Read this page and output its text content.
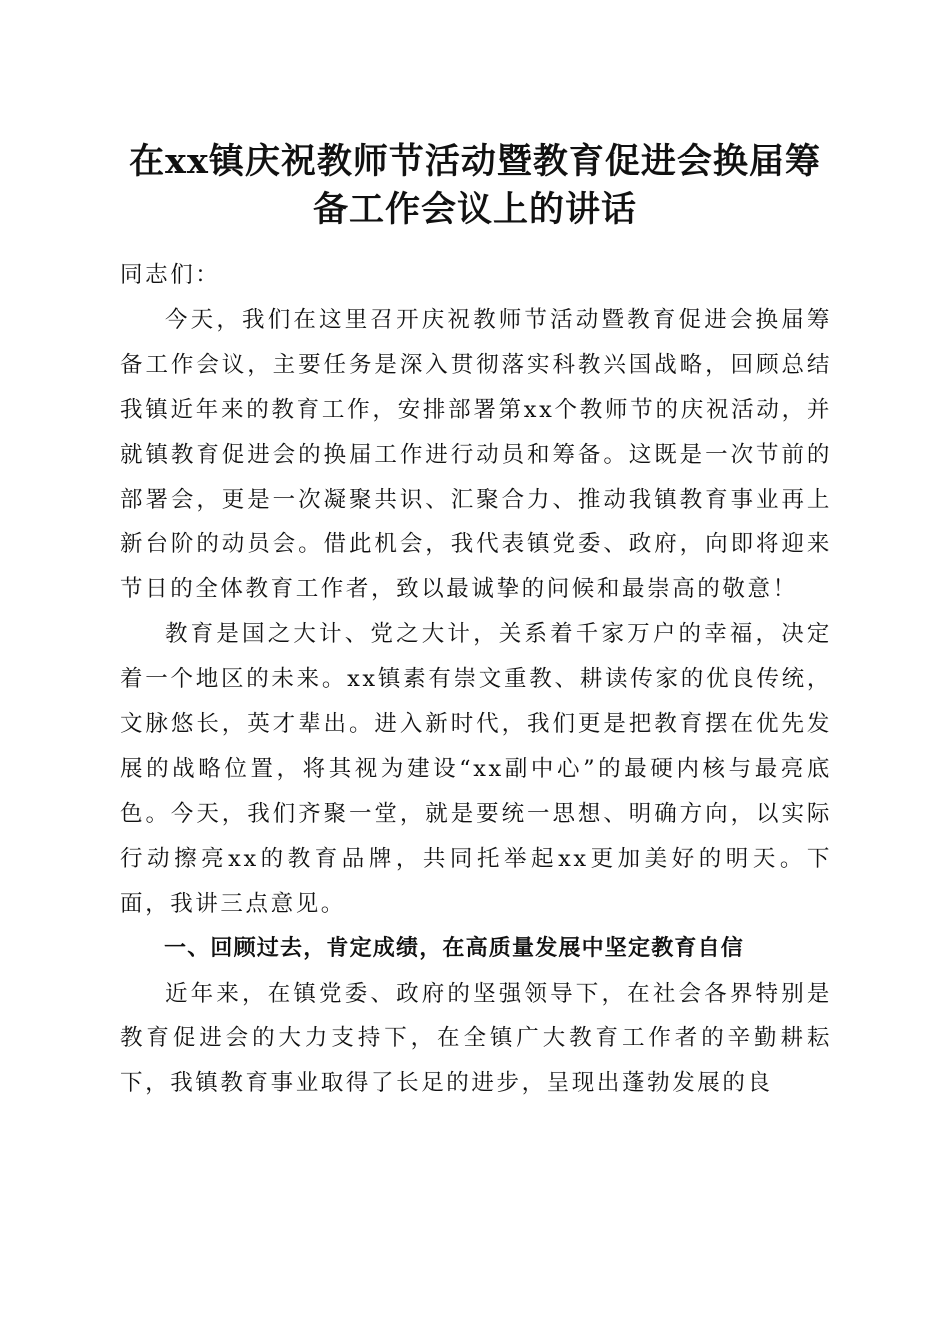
在xx镇庆祝教师节活动暨教育促进会换届筹
备工作会议上的讲话

同志们：

今天，我们在这里召开庆祝教师节活动暨教育促进会换届筹备工作会议，主要任务是深入贯彻落实科教兴国战略，回顾总结我镇近年来的教育工作，安排部署第xx个教师节的庆祝活动，并就镇教育促进会的换届工作进行动员和筹备。这既是一次节前的部署会，更是一次凝聚共识、汇聚合力、推动我镇教育事业再上新台阶的动员会。借此机会，我代表镇党委、政府，向即将迎来节日的全体教育工作者，致以最诚挚的问候和最崇高的敬意！

教育是国之大计、党之大计，关系着千家万户的幸福，决定着一个地区的未来。xx镇素有崇文重教、耕读传家的优良传统，文脉悠长，英才辈出。进入新时代，我们更是把教育摆在优先发展的战略位置，将其视为建设“xx副中心”的最硬内核与最亮底色。今天，我们齐聚一堂，就是要统一思想、明确方向，以实际行动擦亮xx的教育品牌，共同托举起xx更加美好的明天。下面，我讲三点意见。

一、回顾过去，肯定成绩，在高质量发展中坚定教育自信

近年来，在镇党委、政府的坚强领导下，在社会各界特别是教育促进会的大力支持下，在全镇广大教育工作者的辛勤耕耘下，我镇教育事业取得了长足的进步，呈现出蓬勃发展的良
